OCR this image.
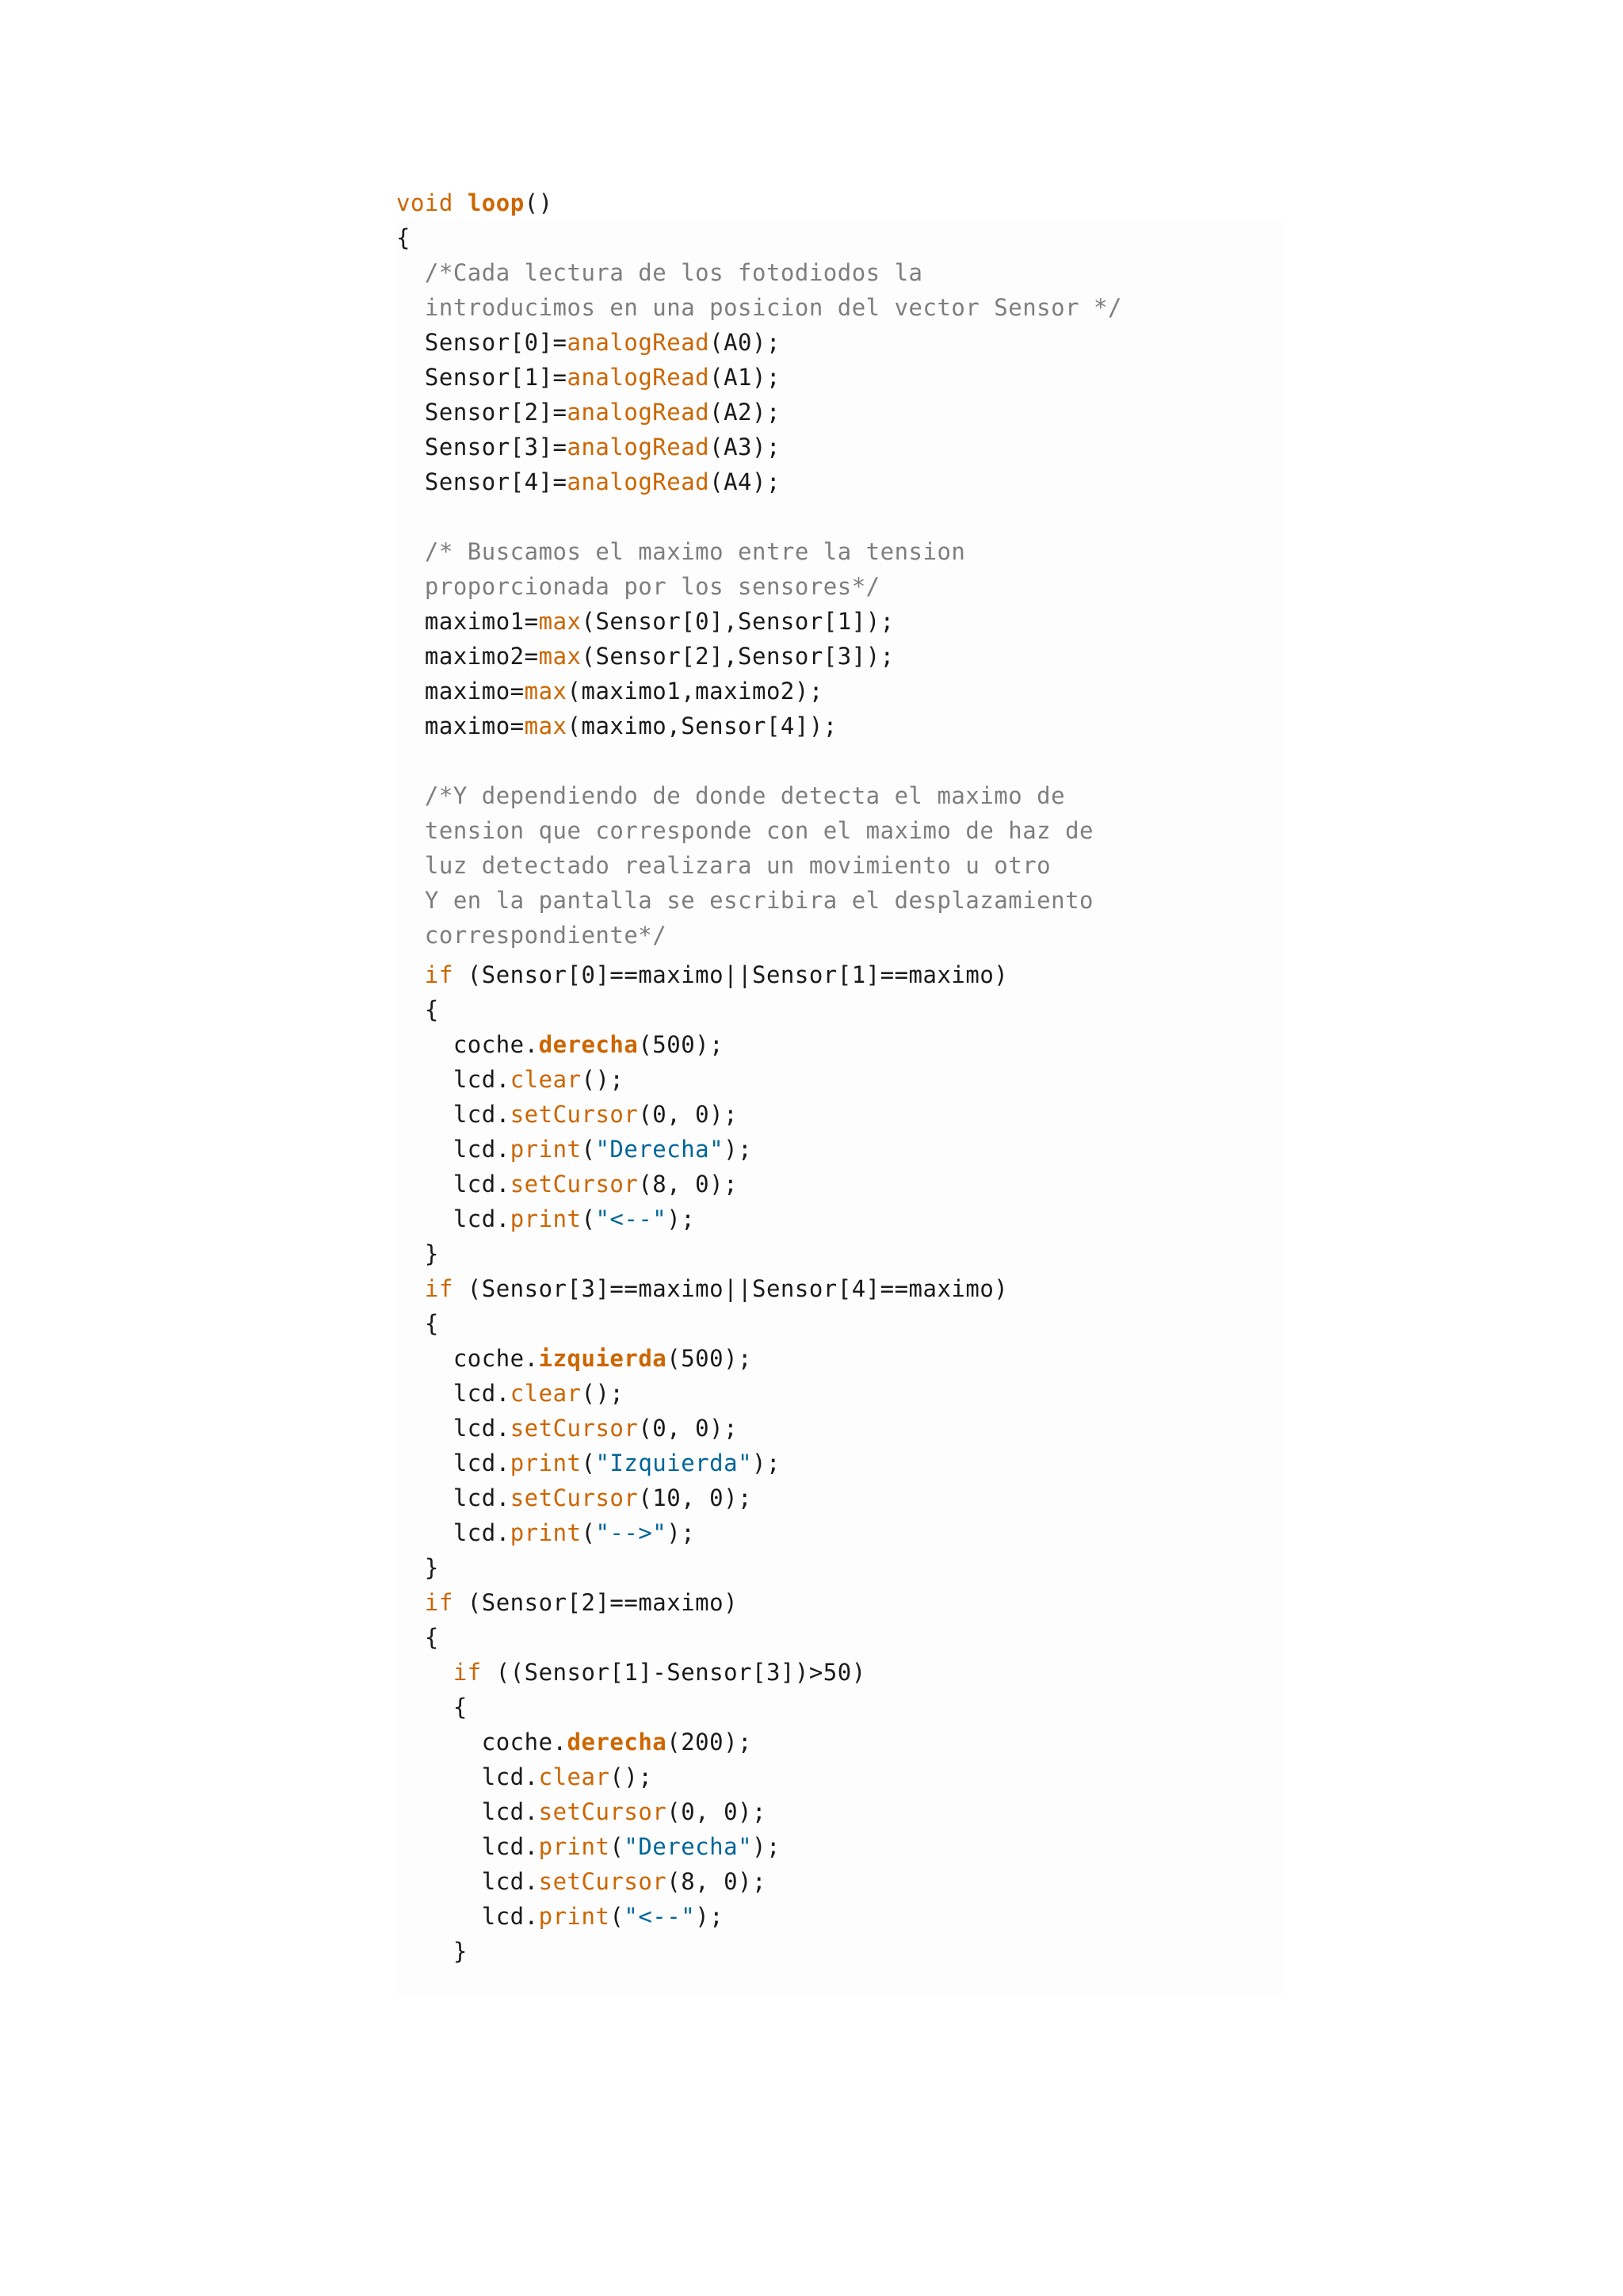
void loop()
{
/*Cada lectura de los fotodiodos la
introducimos en una posicion del vector Sensor */
Sensor[0]=analogRead(A0);
Sensor[1]=analogRead(A1);
Sensor[2]=analogRead(A2);
Sensor[3]=analogRead(A3);
Sensor[4]=analogRead(A4);
/* Buscamos el maximo entre la tension
proporcionada por los sensores*/
maximo1=max(Sensor[0],Sensor[1]);
maximo2=max(Sensor[2],Sensor[3]);
maximo=max(maximo1,maximo2);
maximo=max(maximo,Sensor[4]);
/*Y dependiendo de donde detecta el maximo de
tension que corresponde con el maximo de haz de
luz detectado realizara un movimiento u otro
Y en la pantalla se escribira el desplazamiento
correspondiente*/
if (Sensor[0]==maximo||Sensor[1]==maximo)
{
coche.derecha(500);
lcd.clear();
lcd.setCursor(0, 0);
lcd.print("Derecha");
lcd.setCursor(8, 0);
lcd.print("<--");
}
if (Sensor[3]==maximo||Sensor[4]==maximo)
{
coche.izquierda(500);
lcd.clear();
lcd.setCursor(0, 0);
lcd.print("Izquierda");
lcd.setCursor(10, 0);
lcd.print("-->");
}
if (Sensor[2]==maximo)
{
if ((Sensor[1]-Sensor[3])>50)
{
coche.derecha(200);
lcd.clear();
lcd.setCursor(0, 0);
lcd.print("Derecha");
lcd.setCursor(8, 0);
lcd.print("<--");
}
